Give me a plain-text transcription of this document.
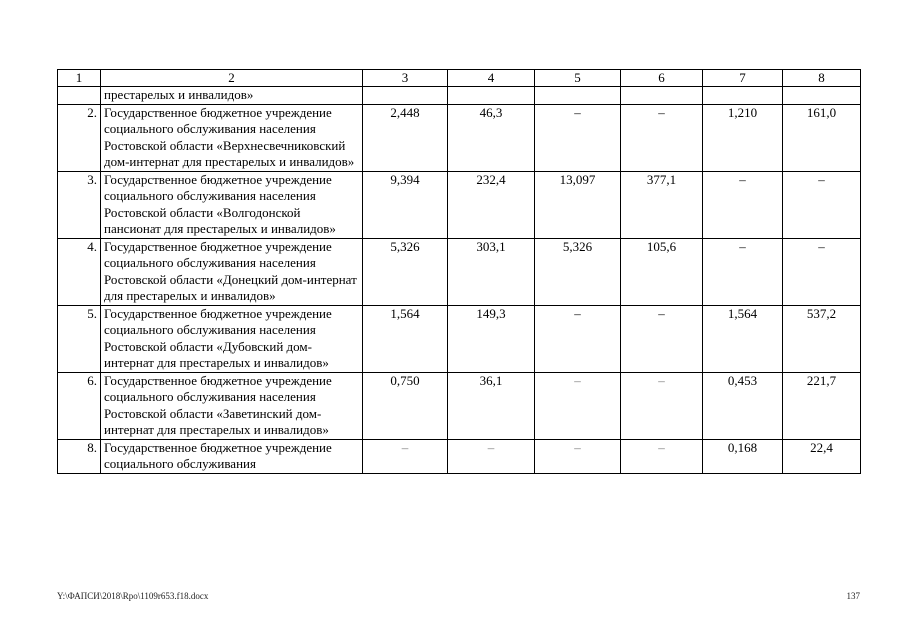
1	2	3	4	5	6	7	8
	престарелых и инвалидов»						
2.	Государственное бюджетное учреждение социального обслуживания населения Ростовской области «Верхнесвечниковский дом-интернат для престарелых и инвалидов»	2,448	46,3	–	–	1,210	161,0
3.	Государственное бюджетное учреждение социального обслуживания населения Ростовской области «Волгодонской пансионат для престарелых и инвалидов»	9,394	232,4	13,097	377,1	–	–
4.	Государственное бюджетное учреждение социального обслуживания населения Ростовской области «Донецкий дом-интернат для престарелых и инвалидов»	5,326	303,1	5,326	105,6	–	–
5.	Государственное бюджетное учреждение социального обслуживания населения Ростовской области «Дубовский дом-интернат для престарелых и инвалидов»	1,564	149,3	–	–	1,564	537,2
6.	Государственное бюджетное учреждение социального обслуживания населения Ростовской области «Заветинский дом-интернат для престарелых и инвалидов»	0,750	36,1	–	–	0,453	221,7
8.	Государственное бюджетное учреждение социального обслуживания	–	–	–	–	0,168	22,4
Y:\ФАПСИ\2018\Rpo\1109r653.f18.docx	137
